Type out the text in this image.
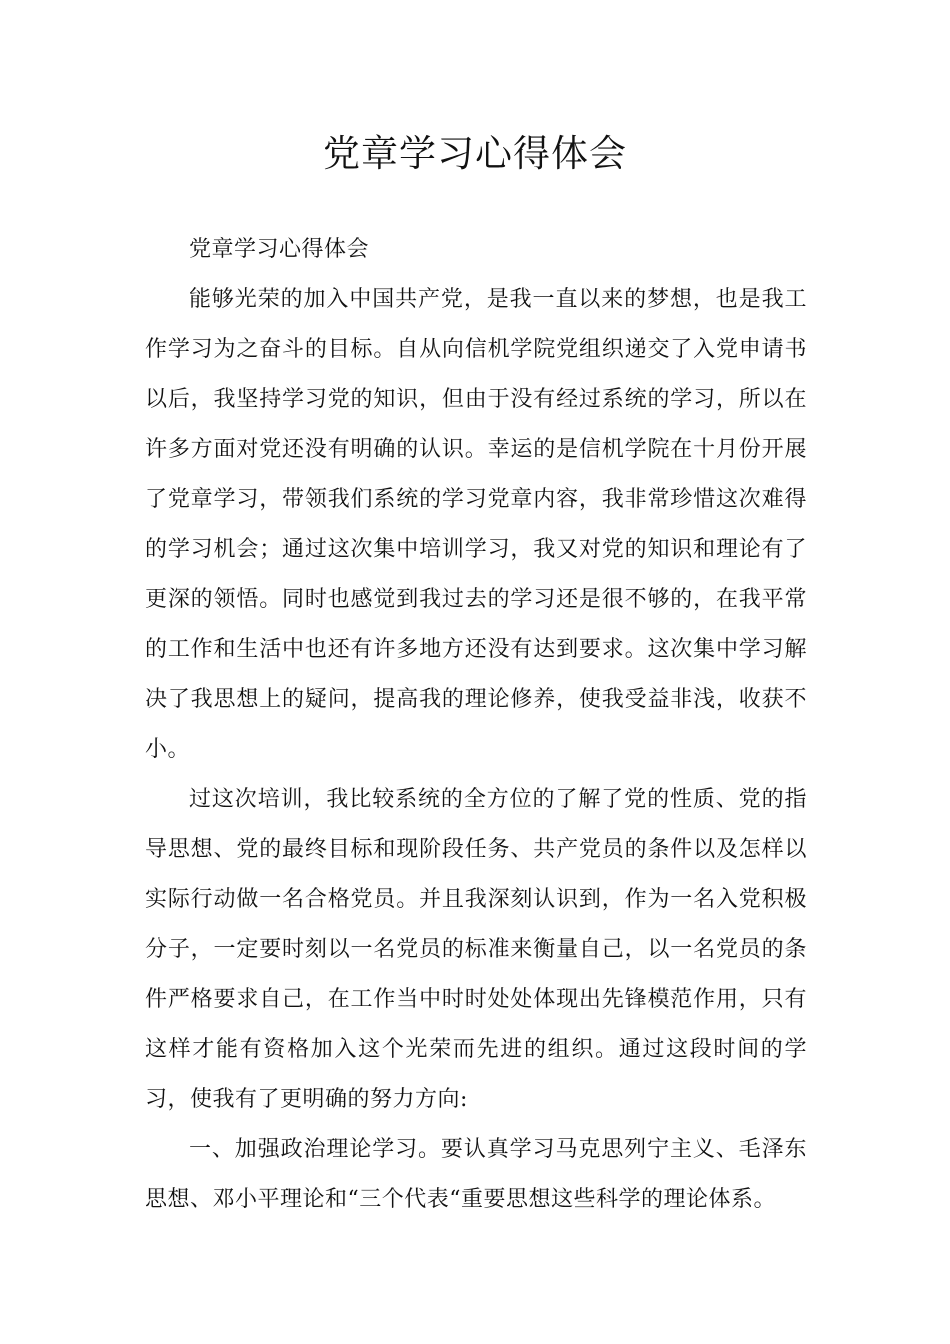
党章学习心得体会

党章学习心得体会

能够光荣的加入中国共产党，是我一直以来的梦想，也是我工作学习为之奋斗的目标。自从向信机学院党组织递交了入党申请书以后，我坚持学习党的知识，但由于没有经过系统的学习，所以在许多方面对党还没有明确的认识。幸运的是信机学院在十月份开展了党章学习，带领我们系统的学习党章内容，我非常珍惜这次难得的学习机会；通过这次集中培训学习，我又对党的知识和理论有了更深的领悟。同时也感觉到我过去的学习还是很不够的，在我平常的工作和生活中也还有许多地方还没有达到要求。这次集中学习解决了我思想上的疑问，提高我的理论修养，使我受益非浅，收获不小。

过这次培训，我比较系统的全方位的了解了党的性质、党的指导思想、党的最终目标和现阶段任务、共产党员的条件以及怎样以实际行动做一名合格党员。并且我深刻认识到，作为一名入党积极分子，一定要时刻以一名党员的标准来衡量自己，以一名党员的条件严格要求自己，在工作当中时时处处体现出先锋模范作用，只有这样才能有资格加入这个光荣而先进的组织。通过这段时间的学习，使我有了更明确的努力方向:

一、加强政治理论学习。要认真学习马克思列宁主义、毛泽东思想、邓小平理论和“三个代表“重要思想这些科学的理论体系。
